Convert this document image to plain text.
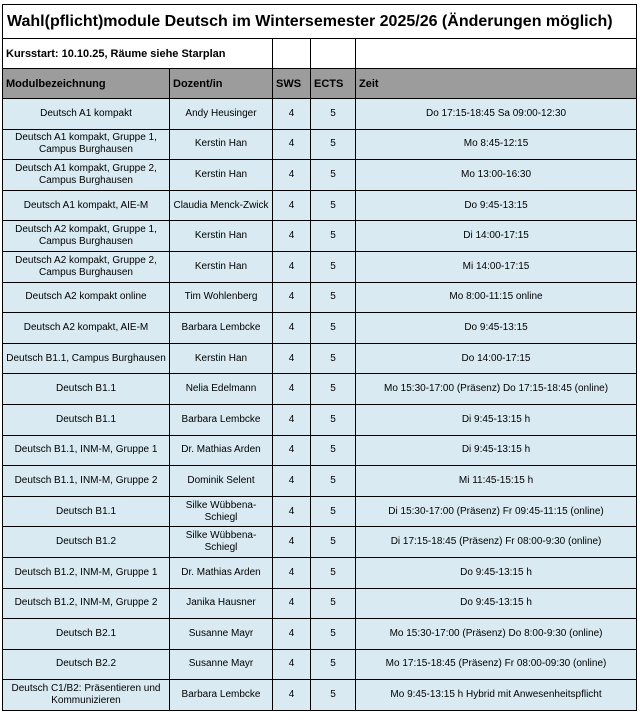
Wahl(pflicht)module Deutsch im Wintersemester 2025/26 (Änderungen möglich)				
Kursstart: 10.10.25, Räume siehe Starplan				
Modulbezeichnung	Dozent/in	SWS	ECTS	Zeit
Deutsch A1 kompakt	Andy Heusinger	4	5	Do 17:15-18:45 Sa 09:00-12:30
Deutsch A1 kompakt, Gruppe 1, Campus Burghausen	Kerstin Han	4	5	Mo 8:45-12:15
Deutsch A1 kompakt, Gruppe 2, Campus Burghausen	Kerstin Han	4	5	Mo 13:00-16:30
Deutsch A1 kompakt, AIE-M	Claudia Menck-Zwick	4	5	Do 9:45-13:15
Deutsch A2 kompakt, Gruppe 1, Campus Burghausen	Kerstin Han	4	5	Di 14:00-17:15
Deutsch A2 kompakt, Gruppe 2, Campus Burghausen	Kerstin Han	4	5	Mi 14:00-17:15
Deutsch A2 kompakt online	Tim Wohlenberg	4	5	Mo 8:00-11:15 online
Deutsch A2 kompakt, AIE-M	Barbara Lembcke	4	5	Do 9:45-13:15
Deutsch B1.1, Campus Burghausen	Kerstin Han	4	5	Do 14:00-17:15
Deutsch B1.1	Nelia Edelmann	4	5	Mo 15:30-17:00 (Präsenz) Do 17:15-18:45 (online)
Deutsch B1.1	Barbara Lembcke	4	5	Di 9:45-13:15 h
Deutsch B1.1, INM-M, Gruppe 1	Dr. Mathias Arden	4	5	Di 9:45-13:15 h
Deutsch B1.1, INM-M, Gruppe 2	Dominik Selent	4	5	Mi 11:45-15:15 h
Deutsch B1.1	Silke Wübbena-Schiegl	4	5	Di 15:30-17:00 (Präsenz) Fr 09:45-11:15 (online)
Deutsch B1.2	Silke Wübbena-Schiegl	4	5	Di 17:15-18:45 (Präsenz) Fr 08:00-9:30 (online)
Deutsch B1.2, INM-M, Gruppe 1	Dr. Mathias Arden	4	5	Do 9:45-13:15 h
Deutsch B1.2, INM-M, Gruppe 2	Janika Hausner	4	5	Do 9:45-13:15 h
Deutsch B2.1	Susanne Mayr	4	5	Mo 15:30-17:00 (Präsenz) Do 8:00-9:30 (online)
Deutsch B2.2	Susanne Mayr	4	5	Mo 17:15-18:45 (Präsenz) Fr 08:00-09:30 (online)
Deutsch C1/B2: Präsentieren und Kommunizieren	Barbara Lembcke	4	5	Mo 9:45-13:15 h Hybrid mit Anwesenheitspflicht
